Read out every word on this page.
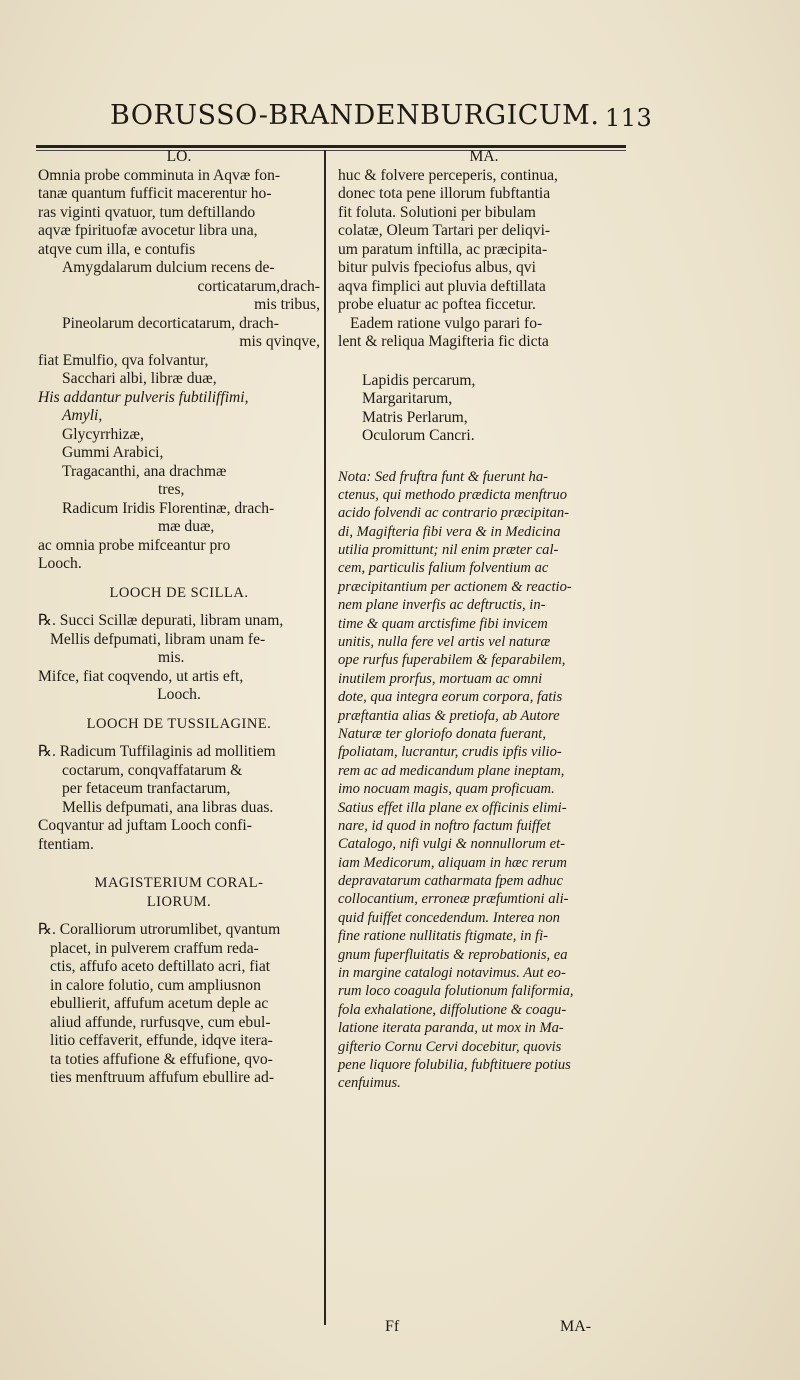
BORUSSO-BRANDENBURGICUM. 113
LO.
Omnia probe comminuta in Aqvæ fon-
tanæ quantum fufficit macerentur ho-
ras viginti qvatuor, tum deftillando
aqvæ fpirituofæ avocetur libra una,
atqve cum illa, e contufis
Amygdalarum dulcium recens de-
corticatarum,drach-
mis tribus,
Pineolarum decorticatarum, drach-
mis qvinqve,
fiat Emulfio, qva folvantur,
Sacchari albi, libræ duæ,
His addantur pulveris fubtiliffimi,
Amyli,
Glycyrrhizæ,
Gummi Arabici,
Tragacanthi, ana drachmæ
tres,
Radicum Iridis Florentinæ, drach-
mæ duæ,
ac omnia probe mifceantur pro
Looch.
LOOCH DE SCILLA.
℞. Succi Scillæ depurati, libram unam,
Mellis defpumati, libram unam fe-
mis.
Mifce, fiat coqvendo, ut artis eft,
Looch.
LOOCH DE TUSSILAGINE.
℞. Radicum Tuffilaginis ad mollitiem
coctarum, conqvaffatarum &
per fetaceum tranfactarum,
Mellis defpumati, ana libras duas.
Coqvantur ad juftam Looch confi-
ftentiam.
MAGISTERIUM CORAL-
LIORUM.
℞. Coralliorum utrorumlibet, qvantum
placet, in pulverem craffum reda-
ctis, affufo aceto deftillato acri, fiat
in calore folutio, cum ampliusnon
ebullierit, affufum acetum deple ac
aliud affunde, rurfusqve, cum ebul-
litio ceffaverit, effunde, idqve itera-
ta toties affufione & effufione, qvo-
ties menftruum affufum ebullire ad-
MA.
huc & folvere perceperis, continua,
donec tota pene illorum fubftantia
fit foluta. Solutioni per bibulam
colatæ, Oleum Tartari per deliqvi-
um paratum inftilla, ac præcipita-
bitur pulvis fpeciofus albus, qvi
aqva fimplici aut pluvia deftillata
probe eluatur ac poftea ficcetur.
Eadem ratione vulgo parari fo-
lent & reliqua Magifteria fic dicta
Lapidis percarum,
Margaritarum,
Matris Perlarum,
Oculorum Cancri.
Nota: Sed fruftra funt & fuerunt ha-
ctenus, qui methodo prædicta menftruo
acido folvendi ac contrario præcipitan-
di, Magifteria fibi vera & in Medicina
utilia promittunt; nil enim præter cal-
cem, particulis falium folventium ac
præcipitantium per actionem & reactio-
nem plane inverfis ac deftructis, in-
time & quam arctisfime fibi invicem
unitis, nulla fere vel artis vel naturæ
ope rurfus fuperabilem & feparabilem,
inutilem prorfus, mortuam ac omni
dote, qua integra eorum corpora, fatis
præftantia alias & pretiofa, ab Autore
Naturæ ter gloriofo donata fuerant,
fpoliatam, lucrantur, crudis ipfis vilio-
rem ac ad medicandum plane ineptam,
imo nocuam magis, quam proficuam.
Satius effet illa plane ex officinis elimi-
nare, id quod in noftro factum fuiffet
Catalogo, nifi vulgi & nonnullorum et-
iam Medicorum, aliquam in hæc rerum
depravatarum catharmata fpem adhuc
collocantium, erroneæ præfumtioni ali-
quid fuiffet concedendum. Interea non
fine ratione nullitatis ftigmate, in fi-
gnum fuperfluitatis & reprobationis, ea
in margine catalogi notavimus. Aut eo-
rum loco coagula folutionum faliformia,
fola exhalatione, diffolutione & coagu-
latione iterata paranda, ut mox in Ma-
gifterio Cornu Cervi docebitur, quovis
pene liquore folubilia, fubftituere potius
cenfuimus.
Ff	MA-
